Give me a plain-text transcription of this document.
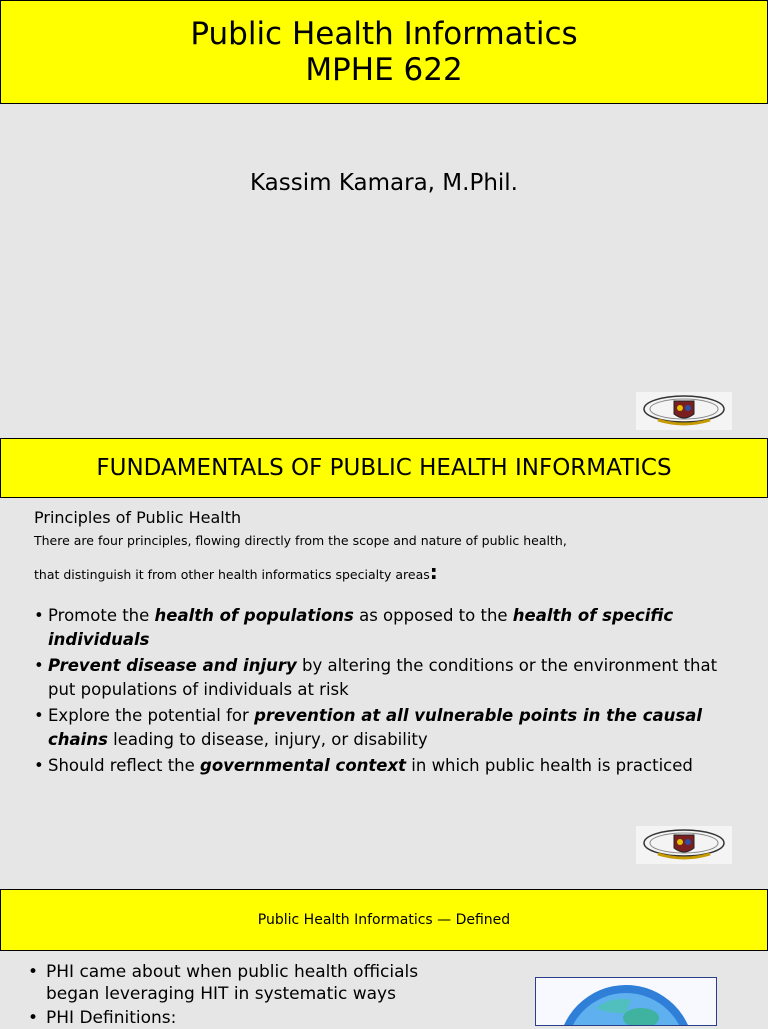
Public Health Informatics
MPHE 622
Kassim Kamara, M.Phil.
FUNDAMENTALS OF PUBLIC HEALTH INFORMATICS
Principles of Public Health
There are four principles, flowing directly from the scope and nature of public health,
that distinguish it from other health informatics specialty areas:
• Promote the health of populations as opposed to the health of specific individuals
• Prevent disease and injury by altering the conditions or the environment that put populations of individuals at risk
• Explore the potential for prevention at all vulnerable points in the causal chains leading to disease, injury, or disability
• Should reflect the governmental context in which public health is practiced
Public Health Informatics — Defined
• PHI came about when public health officials began leveraging HIT in systematic ways
• PHI Definitions:
